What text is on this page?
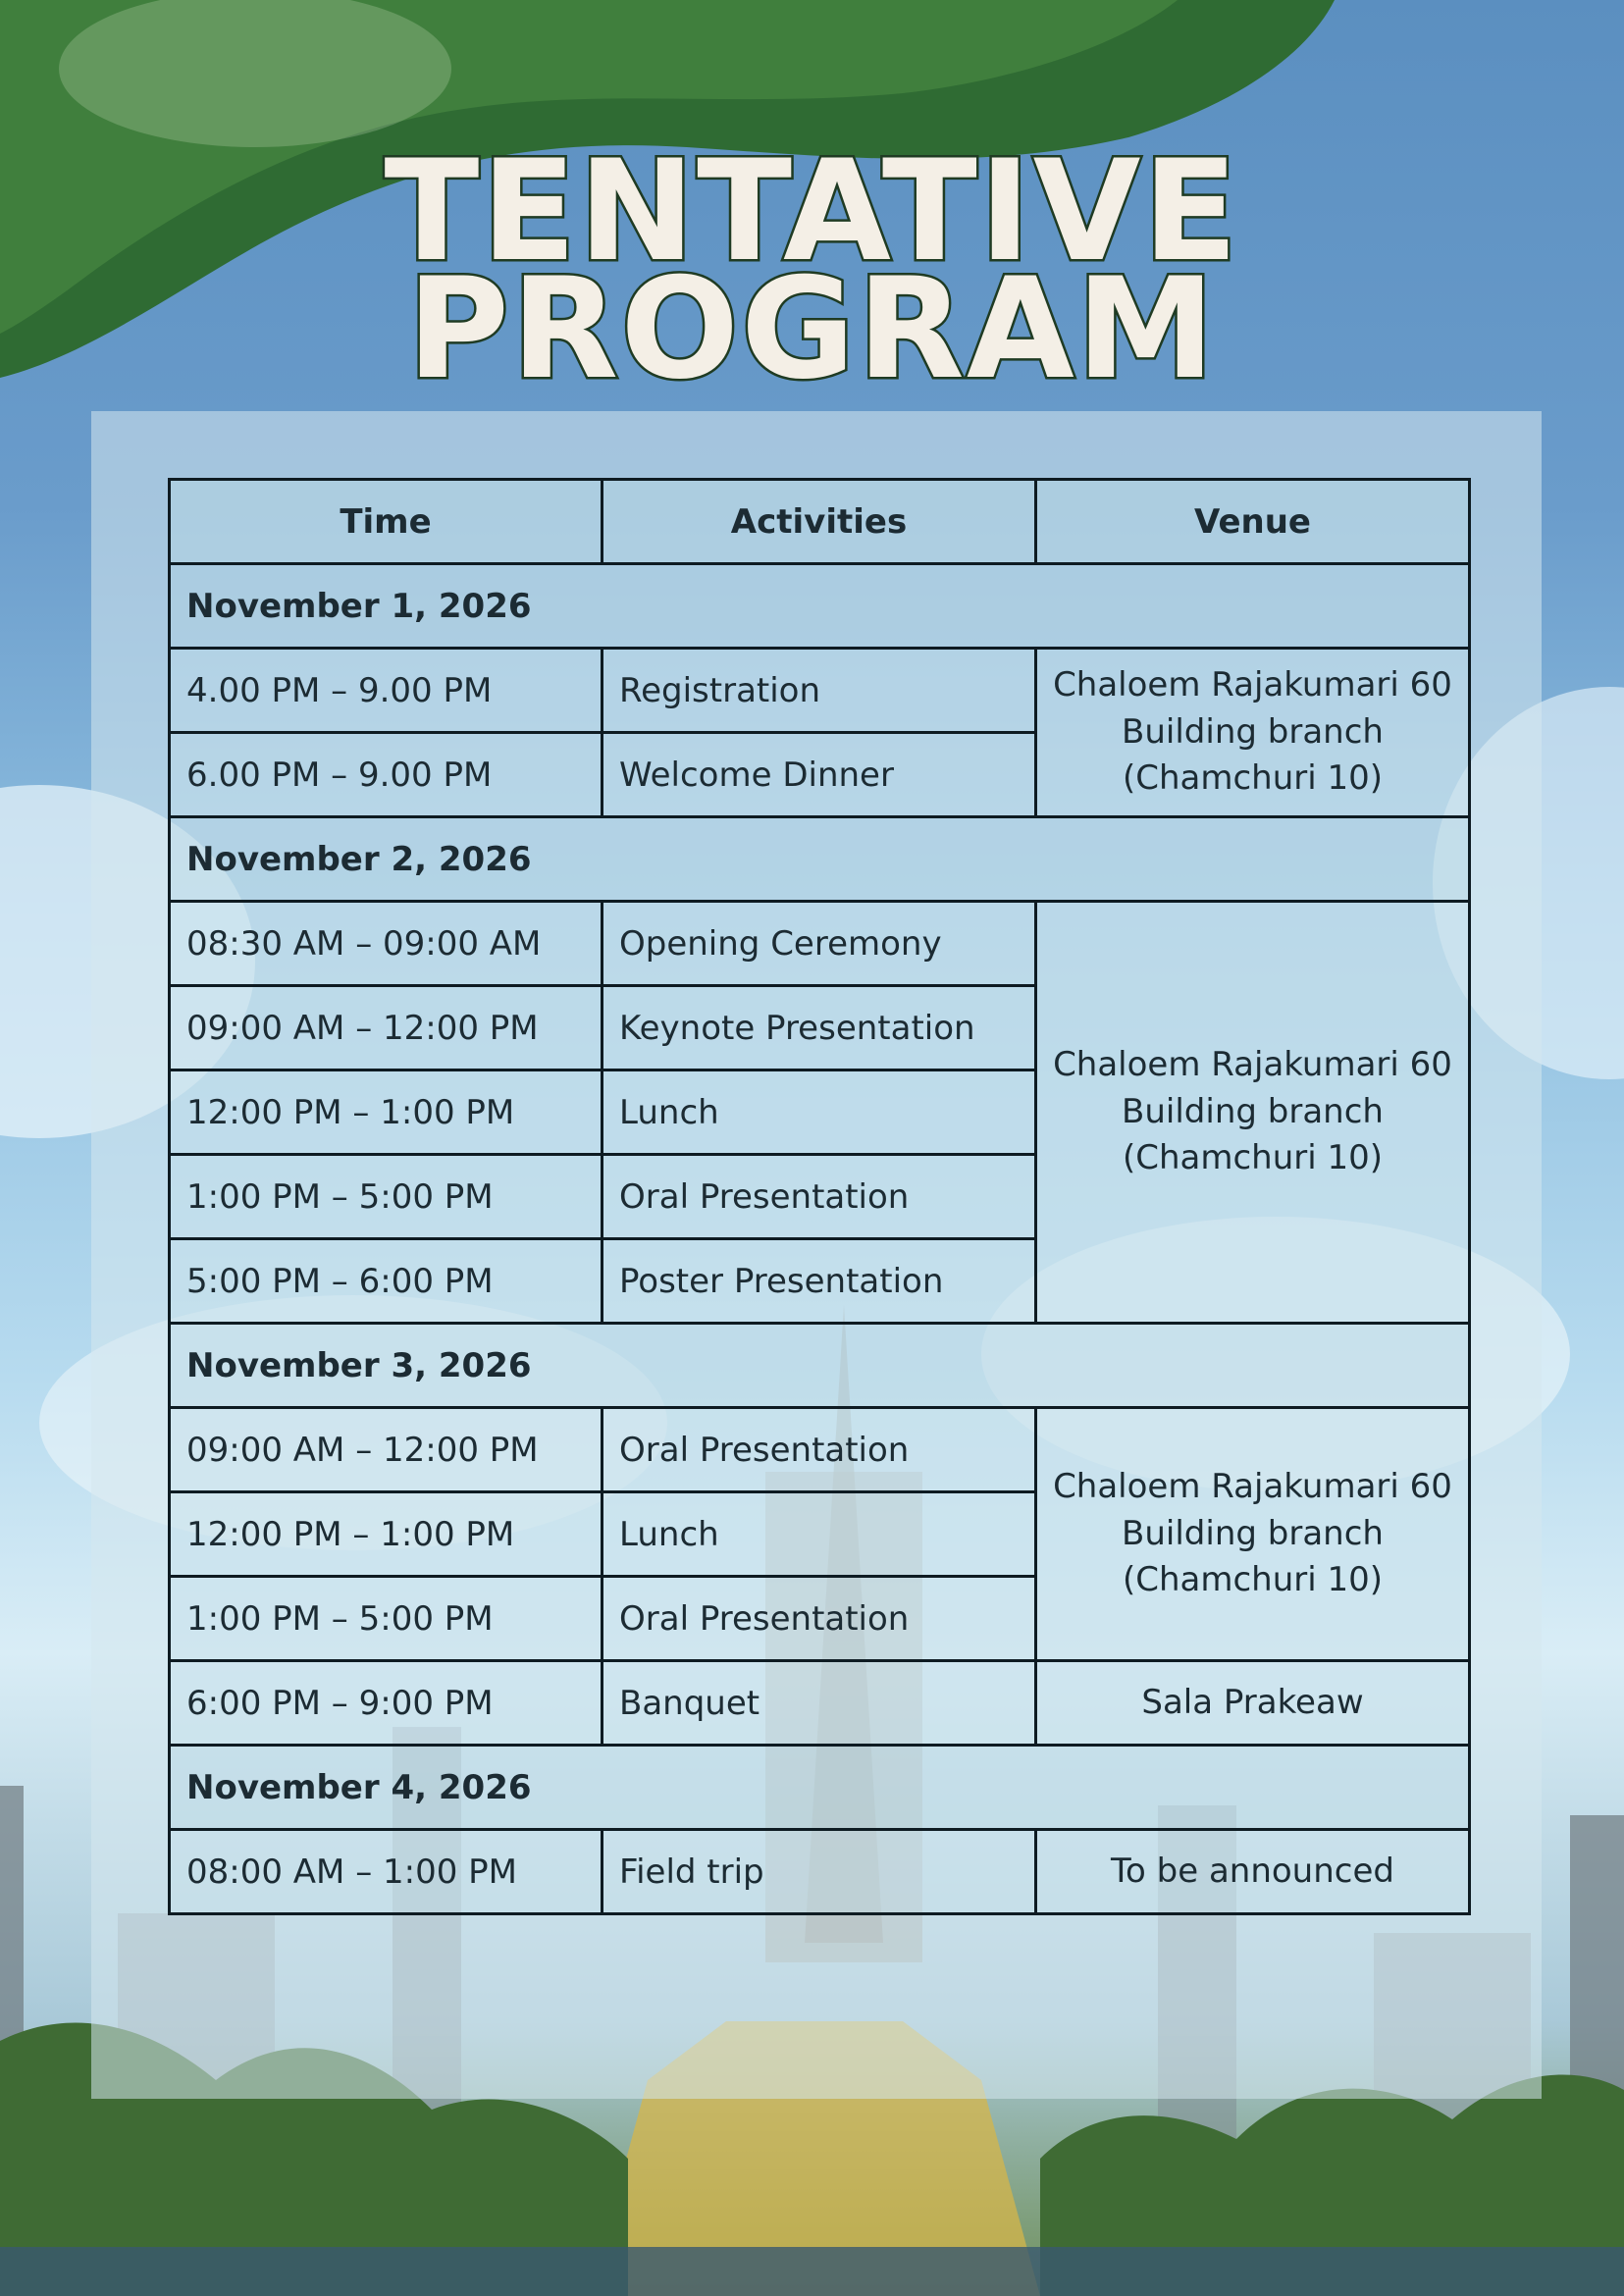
TENTATIVE
PROGRAM
Time	Activities	Venue
November 1, 2026		
4.00 PM – 9.00 PM	Registration	Chaloem Rajakumari 60
Building branch
(Chamchuri 10)

6.00 PM – 9.00 PM	Welcome Dinner	
November 2, 2026		
08:30 AM – 09:00 AM	Opening Ceremony	Chaloem Rajakumari 60
Building branch
(Chamchuri 10)

09:00 AM – 12:00 PM	Keynote Presentation	
12:00 PM – 1:00 PM	Lunch	
1:00 PM – 5:00 PM	Oral Presentation	
5:00 PM – 6:00 PM	Poster Presentation	
November 3, 2026		
09:00 AM – 12:00 PM	Oral Presentation	Chaloem Rajakumari 60
Building branch
(Chamchuri 10)

12:00 PM – 1:00 PM	Lunch	
1:00 PM – 5:00 PM	Oral Presentation	
6:00 PM – 9:00 PM	Banquet	Sala Prakeaw
November 4, 2026		
08:00 AM – 1:00 PM	Field trip	To be announced
